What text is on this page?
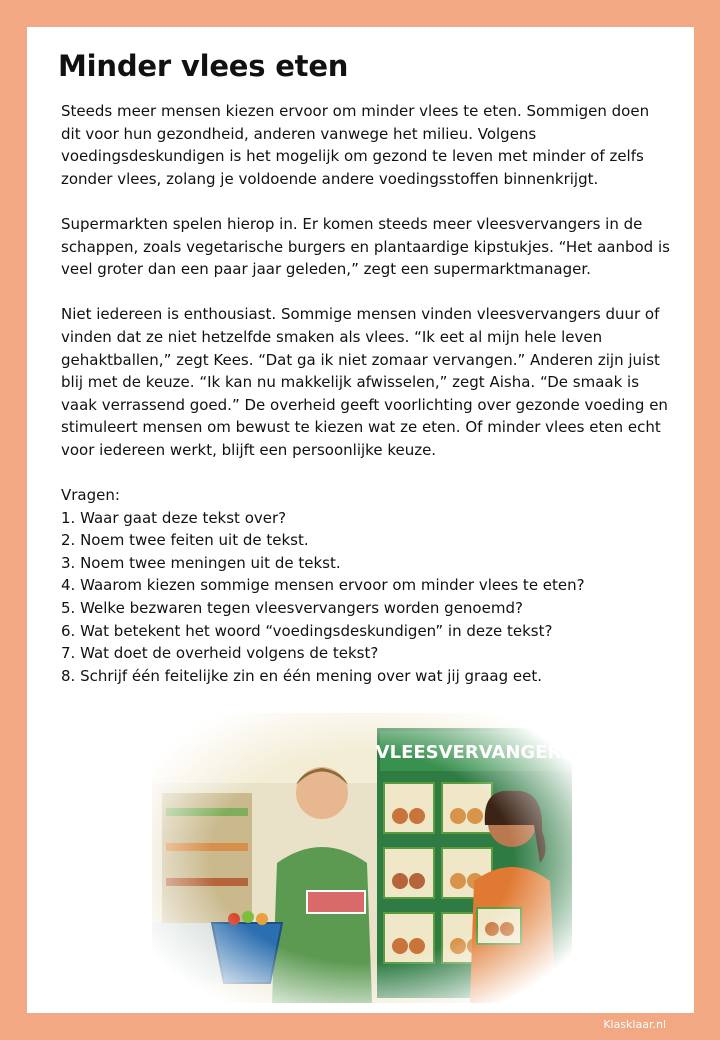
Minder vlees eten

Steeds meer mensen kiezen ervoor om minder vlees te eten. Sommigen doen dit voor hun gezondheid, anderen vanwege het milieu. Volgens voedingsdeskundigen is het mogelijk om gezond te leven met minder of zelfs zonder vlees, zolang je voldoende andere voedingsstoffen binnenkrijgt.

Supermarkten spelen hierop in. Er komen steeds meer vleesvervangers in de schappen, zoals vegetarische burgers en plantaardige kipstukjes. “Het aanbod is veel groter dan een paar jaar geleden,” zegt een supermarktmanager.

Niet iedereen is enthousiast. Sommige mensen vinden vleesvervangers duur of vinden dat ze niet hetzelfde smaken als vlees. “Ik eet al mijn hele leven gehaktballen,” zegt Kees. “Dat ga ik niet zomaar vervangen.” Anderen zijn juist blij met de keuze. “Ik kan nu makkelijk afwisselen,” zegt Aisha. “De smaak is vaak verrassend goed.” De overheid geeft voorlichting over gezonde voeding en stimuleert mensen om bewust te kiezen wat ze eten. Of minder vlees eten echt voor iedereen werkt, blijft een persoonlijke keuze.

Vragen:
1. Waar gaat deze tekst over?
2. Noem twee feiten uit de tekst.
3. Noem twee meningen uit de tekst.
4. Waarom kiezen sommige mensen ervoor om minder vlees te eten?
5. Welke bezwaren tegen vleesvervangers worden genoemd?
6. Wat betekent het woord “voedingsdeskundigen” in deze tekst?
7. Wat doet de overheid volgens de tekst?
8. Schrijf één feitelijke zin en één mening over wat jij graag eet.
Klasklaar.nl
